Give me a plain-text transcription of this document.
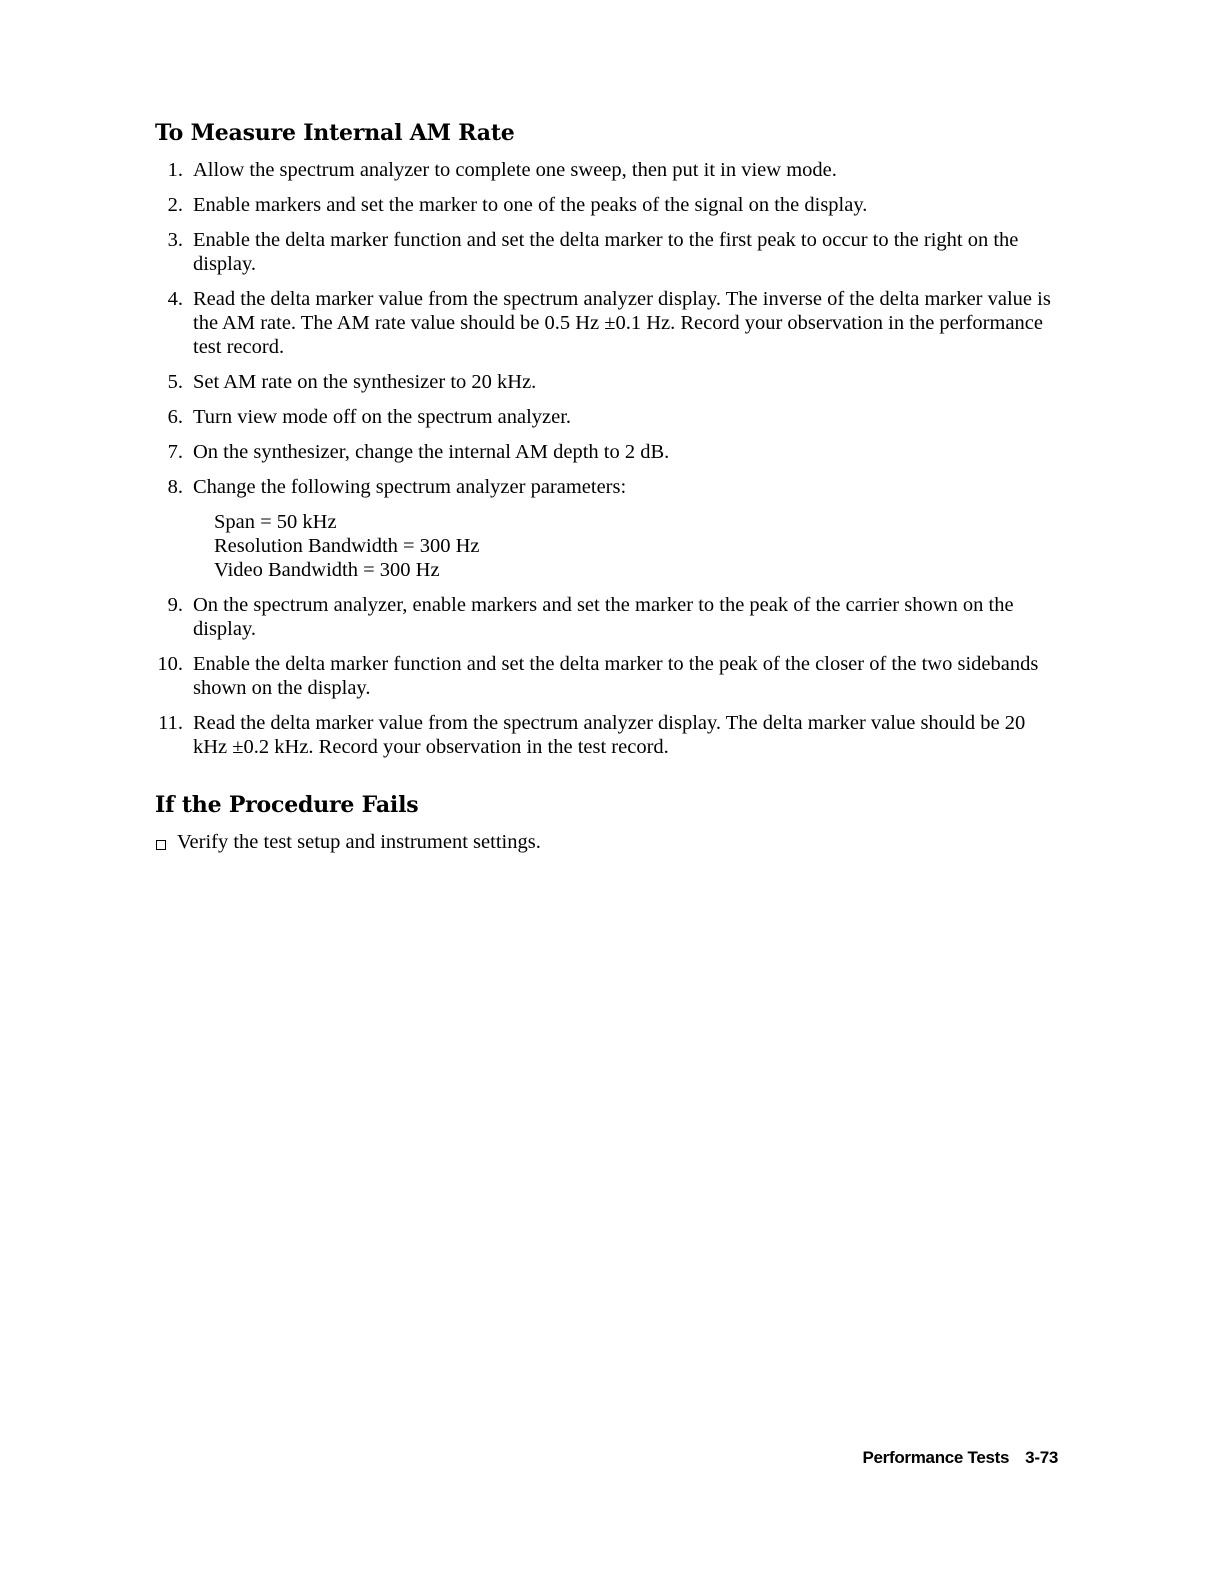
To Measure Internal AM Rate
1. Allow the spectrum analyzer to complete one sweep, then put it in view mode.
2. Enable markers and set the marker to one of the peaks of the signal on the display.
3. Enable the delta marker function and set the delta marker to the first peak to occur to the right on the display.
4. Read the delta marker value from the spectrum analyzer display. The inverse of the delta marker value is the AM rate. The AM rate value should be 0.5 Hz ±0.1 Hz. Record your observation in the performance test record.
5. Set AM rate on the synthesizer to 20 kHz.
6. Turn view mode off on the spectrum analyzer.
7. On the synthesizer, change the internal AM depth to 2 dB.
8. Change the following spectrum analyzer parameters:
Span = 50 kHz
Resolution Bandwidth = 300 Hz
Video Bandwidth = 300 Hz
9. On the spectrum analyzer, enable markers and set the marker to the peak of the carrier shown on the display.
10. Enable the delta marker function and set the delta marker to the peak of the closer of the two sidebands shown on the display.
11. Read the delta marker value from the spectrum analyzer display. The delta marker value should be 20 kHz ±0.2 kHz. Record your observation in the test record.
If the Procedure Fails
Verify the test setup and instrument settings.
Performance Tests 3-73
